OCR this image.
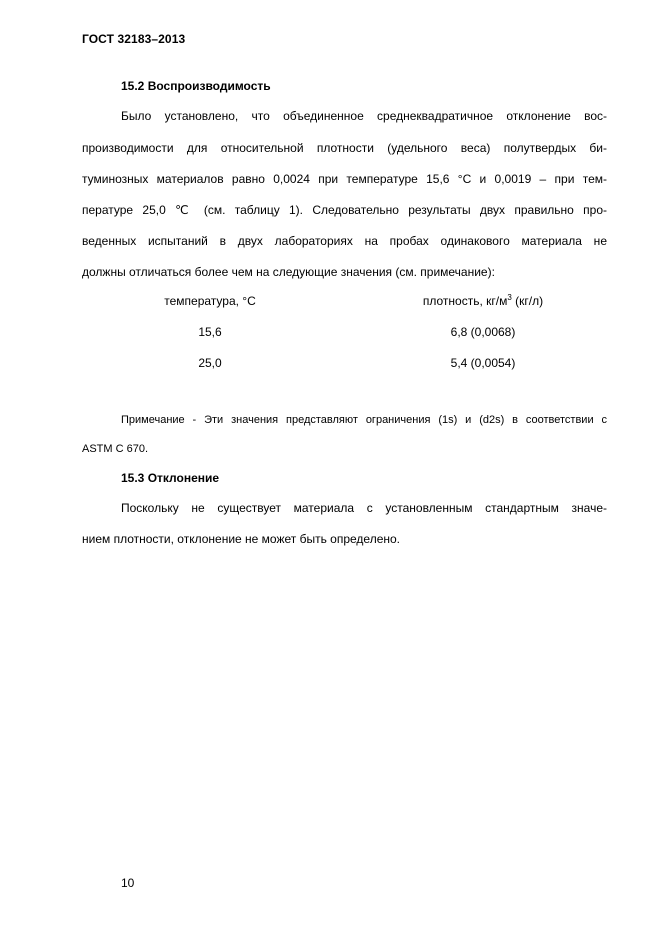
ГОСТ 32183–2013
15.2 Воспроизводимость
Было установлено, что объединенное среднеквадратичное отклонение вос-
производимости для относительной плотности (удельного веса) полутвердых би-
туминозных материалов равно 0,0024 при температуре 15,6 °С и 0,0019 – при тем-
пературе 25,0 ℃ (см. таблицу 1). Следовательно результаты двух правильно про-
веденных испытаний в двух лабораториях на пробах одинакового материала не
должны отличаться более чем на следующие значения (см. примечание):
температура, °С	плотность, $кг/м^3$ (кг/л)
15,6	6,8 (0,0068)
25,0	5,4 (0,0054)
Примечание - Эти значения представляют ограничения (1s) и (d2s) в соответствии с
ASTM C 670.
15.3 Отклонение
Поскольку не существует материала с установленным стандартным значе-
нием плотности, отклонение не может быть определено.
10
